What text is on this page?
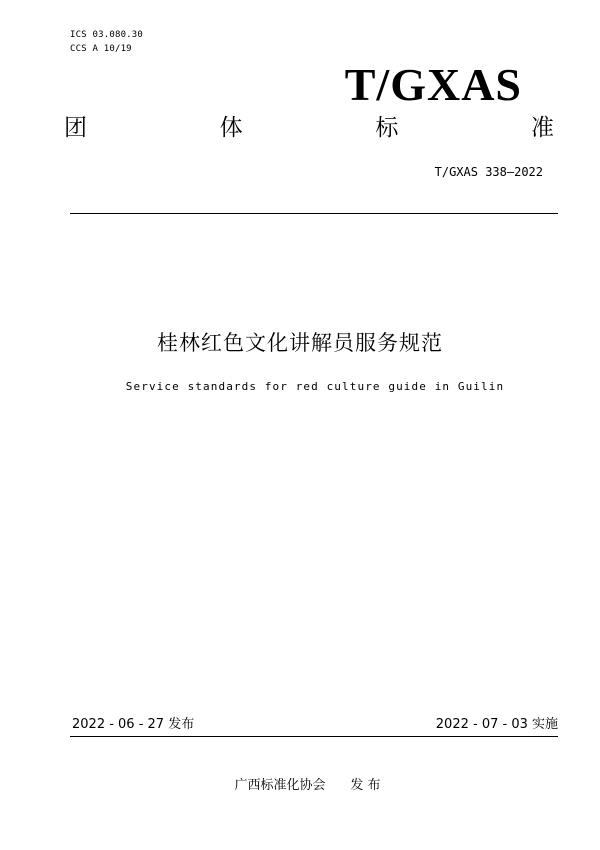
ICS 03.080.30
CCS A 10/19
T/GXAS
团	体	标	准
T/GXAS 338—2022
桂林红色文化讲解员服务规范
Service standards for red culture guide in Guilin
2022 - 06 - 27 发布	2022 - 07 - 03 实施
广西标准化协会 发 布
